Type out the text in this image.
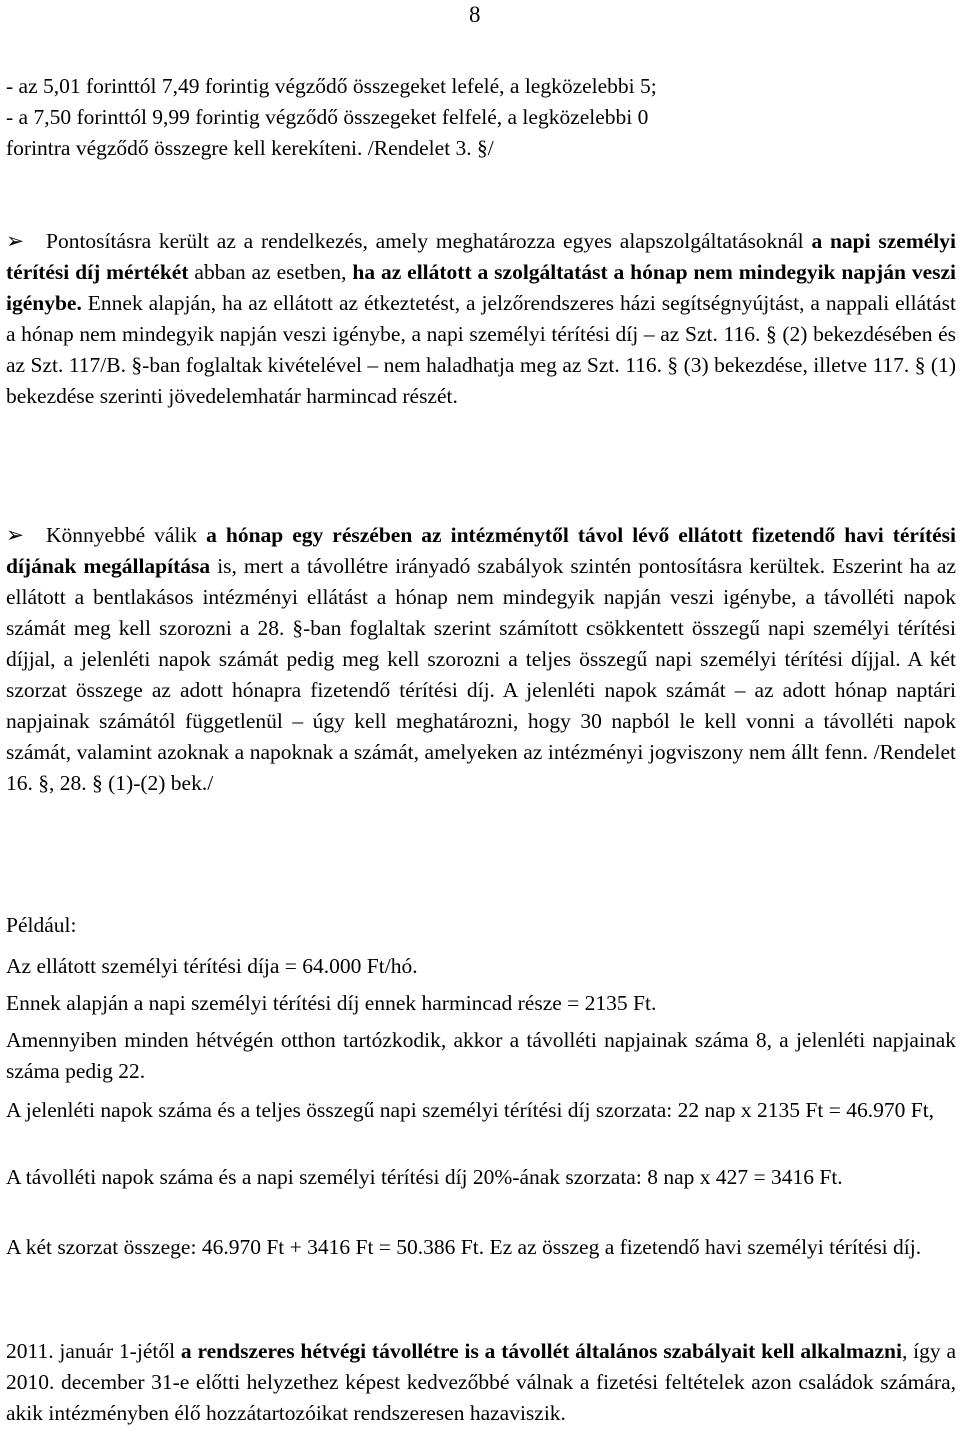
8
- az 5,01 forinttól 7,49 forintig végződő összegeket lefelé, a legközelebbi 5;
- a 7,50 forinttól 9,99 forintig végződő összegeket felfelé, a legközelebbi 0
forintra végződő összegre kell kerekíteni. /Rendelet 3. §/
➢ Pontosításra került az a rendelkezés, amely meghatározza egyes alapszolgáltatásoknál a napi személyi térítési díj mértékét abban az esetben, ha az ellátott a szolgáltatást a hónap nem mindegyik napján veszi igénybe. Ennek alapján, ha az ellátott az étkeztetést, a jelzőrendszeres házi segítségnyújtást, a nappali ellátást a hónap nem mindegyik napján veszi igénybe, a napi személyi térítési díj – az Szt. 116. § (2) bekezdésében és az Szt. 117/B. §-ban foglaltak kivételével – nem haladhatja meg az Szt. 116. § (3) bekezdése, illetve 117. § (1) bekezdése szerinti jövedelemhatár harmincad részét.
➢ Könnyebbé válik a hónap egy részében az intézménytől távol lévő ellátott fizetendő havi térítési díjának megállapítása is, mert a távollétre irányadó szabályok szintén pontosításra kerültek. Eszerint ha az ellátott a bentlakásos intézményi ellátást a hónap nem mindegyik napján veszi igénybe, a távolléti napok számát meg kell szorozni a 28. §-ban foglaltak szerint számított csökkentett összegű napi személyi térítési díjjal, a jelenléti napok számát pedig meg kell szorozni a teljes összegű napi személyi térítési díjjal. A két szorzat összege az adott hónapra fizetendő térítési díj. A jelenléti napok számát – az adott hónap naptári napjainak számától függetlenül – úgy kell meghatározni, hogy 30 napból le kell vonni a távolléti napok számát, valamint azoknak a napoknak a számát, amelyeken az intézményi jogviszony nem állt fenn. /Rendelet 16. §, 28. § (1)-(2) bek./
Például:
Az ellátott személyi térítési díja = 64.000 Ft/hó.
Ennek alapján a napi személyi térítési díj ennek harmincad része = 2135 Ft.
Amennyiben minden hétvégén otthon tartózkodik, akkor a távolléti napjainak száma 8, a jelenléti napjainak száma pedig 22.
A jelenléti napok száma és a teljes összegű napi személyi térítési díj szorzata: 22 nap x 2135 Ft = 46.970 Ft,
A távolléti napok száma és a napi személyi térítési díj 20%-ának szorzata: 8 nap x 427 = 3416 Ft.
A két szorzat összege: 46.970 Ft + 3416 Ft = 50.386 Ft. Ez az összeg a fizetendő havi személyi térítési díj.
2011. január 1-jétől a rendszeres hétvégi távollétre is a távollét általános szabályait kell alkalmazni, így a 2010. december 31-e előtti helyzethez képest kedvezőbbé válnak a fizetési feltételek azon családok számára, akik intézményben élő hozzátartozóikat rendszeresen hazaviszik.
